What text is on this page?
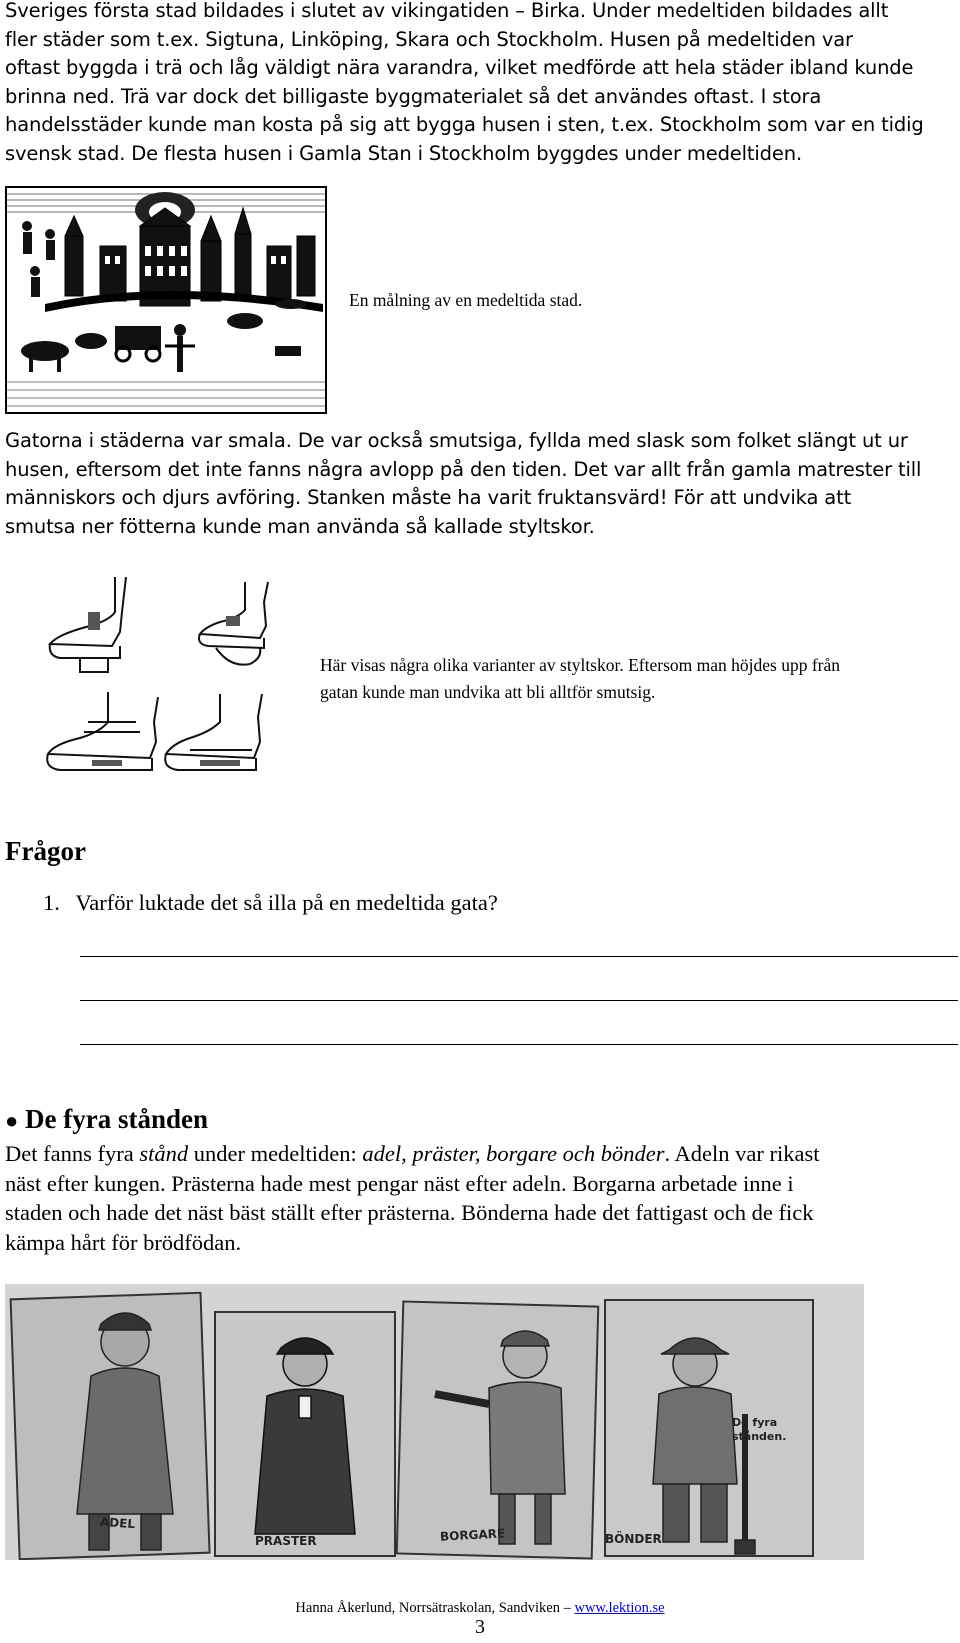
Sveriges första stad bildades i slutet av vikingatiden – Birka. Under medeltiden bildades allt
fler städer som t.ex. Sigtuna, Linköping, Skara och Stockholm. Husen på medeltiden var
oftast byggda i trä och låg väldigt nära varandra, vilket medförde att hela städer ibland kunde
brinna ned. Trä var dock det billigaste byggmaterialet så det användes oftast. I stora
handelsstäder kunde man kosta på sig att bygga husen i sten, t.ex. Stockholm som var en tidig
svensk stad. De flesta husen i Gamla Stan i Stockholm byggdes under medeltiden.
En målning av en medeltida stad.
Gatorna i städerna var smala. De var också smutsiga, fyllda med slask som folket slängt ut ur
husen, eftersom det inte fanns några avlopp på den tiden. Det var allt från gamla matrester till
människors och djurs avföring. Stanken måste ha varit fruktansvärd! För att undvika att
smutsa ner fötterna kunde man använda så kallade styltskor.
Här visas några olika varianter av styltskor. Eftersom man höjdes upp från
gatan kunde man undvika att bli alltför smutsig.
Frågor
1. Varför luktade det så illa på en medeltida gata?
● De fyra stånden
Det fanns fyra stånd under medeltiden: adel, präster, borgare och bönder. Adeln var rikast
näst efter kungen. Prästerna hade mest pengar näst efter adeln. Borgarna arbetade inne i
staden och hade det näst bäst ställt efter prästerna. Bönderna hade det fattigast och de fick
kämpa hårt för brödfödan.
De fyra
stånden.
ADEL
PRÄSTER	BORGARE	BÖNDER
Hanna Åkerlund, Norrsätraskolan, Sandviken – www.lektion.se
3
